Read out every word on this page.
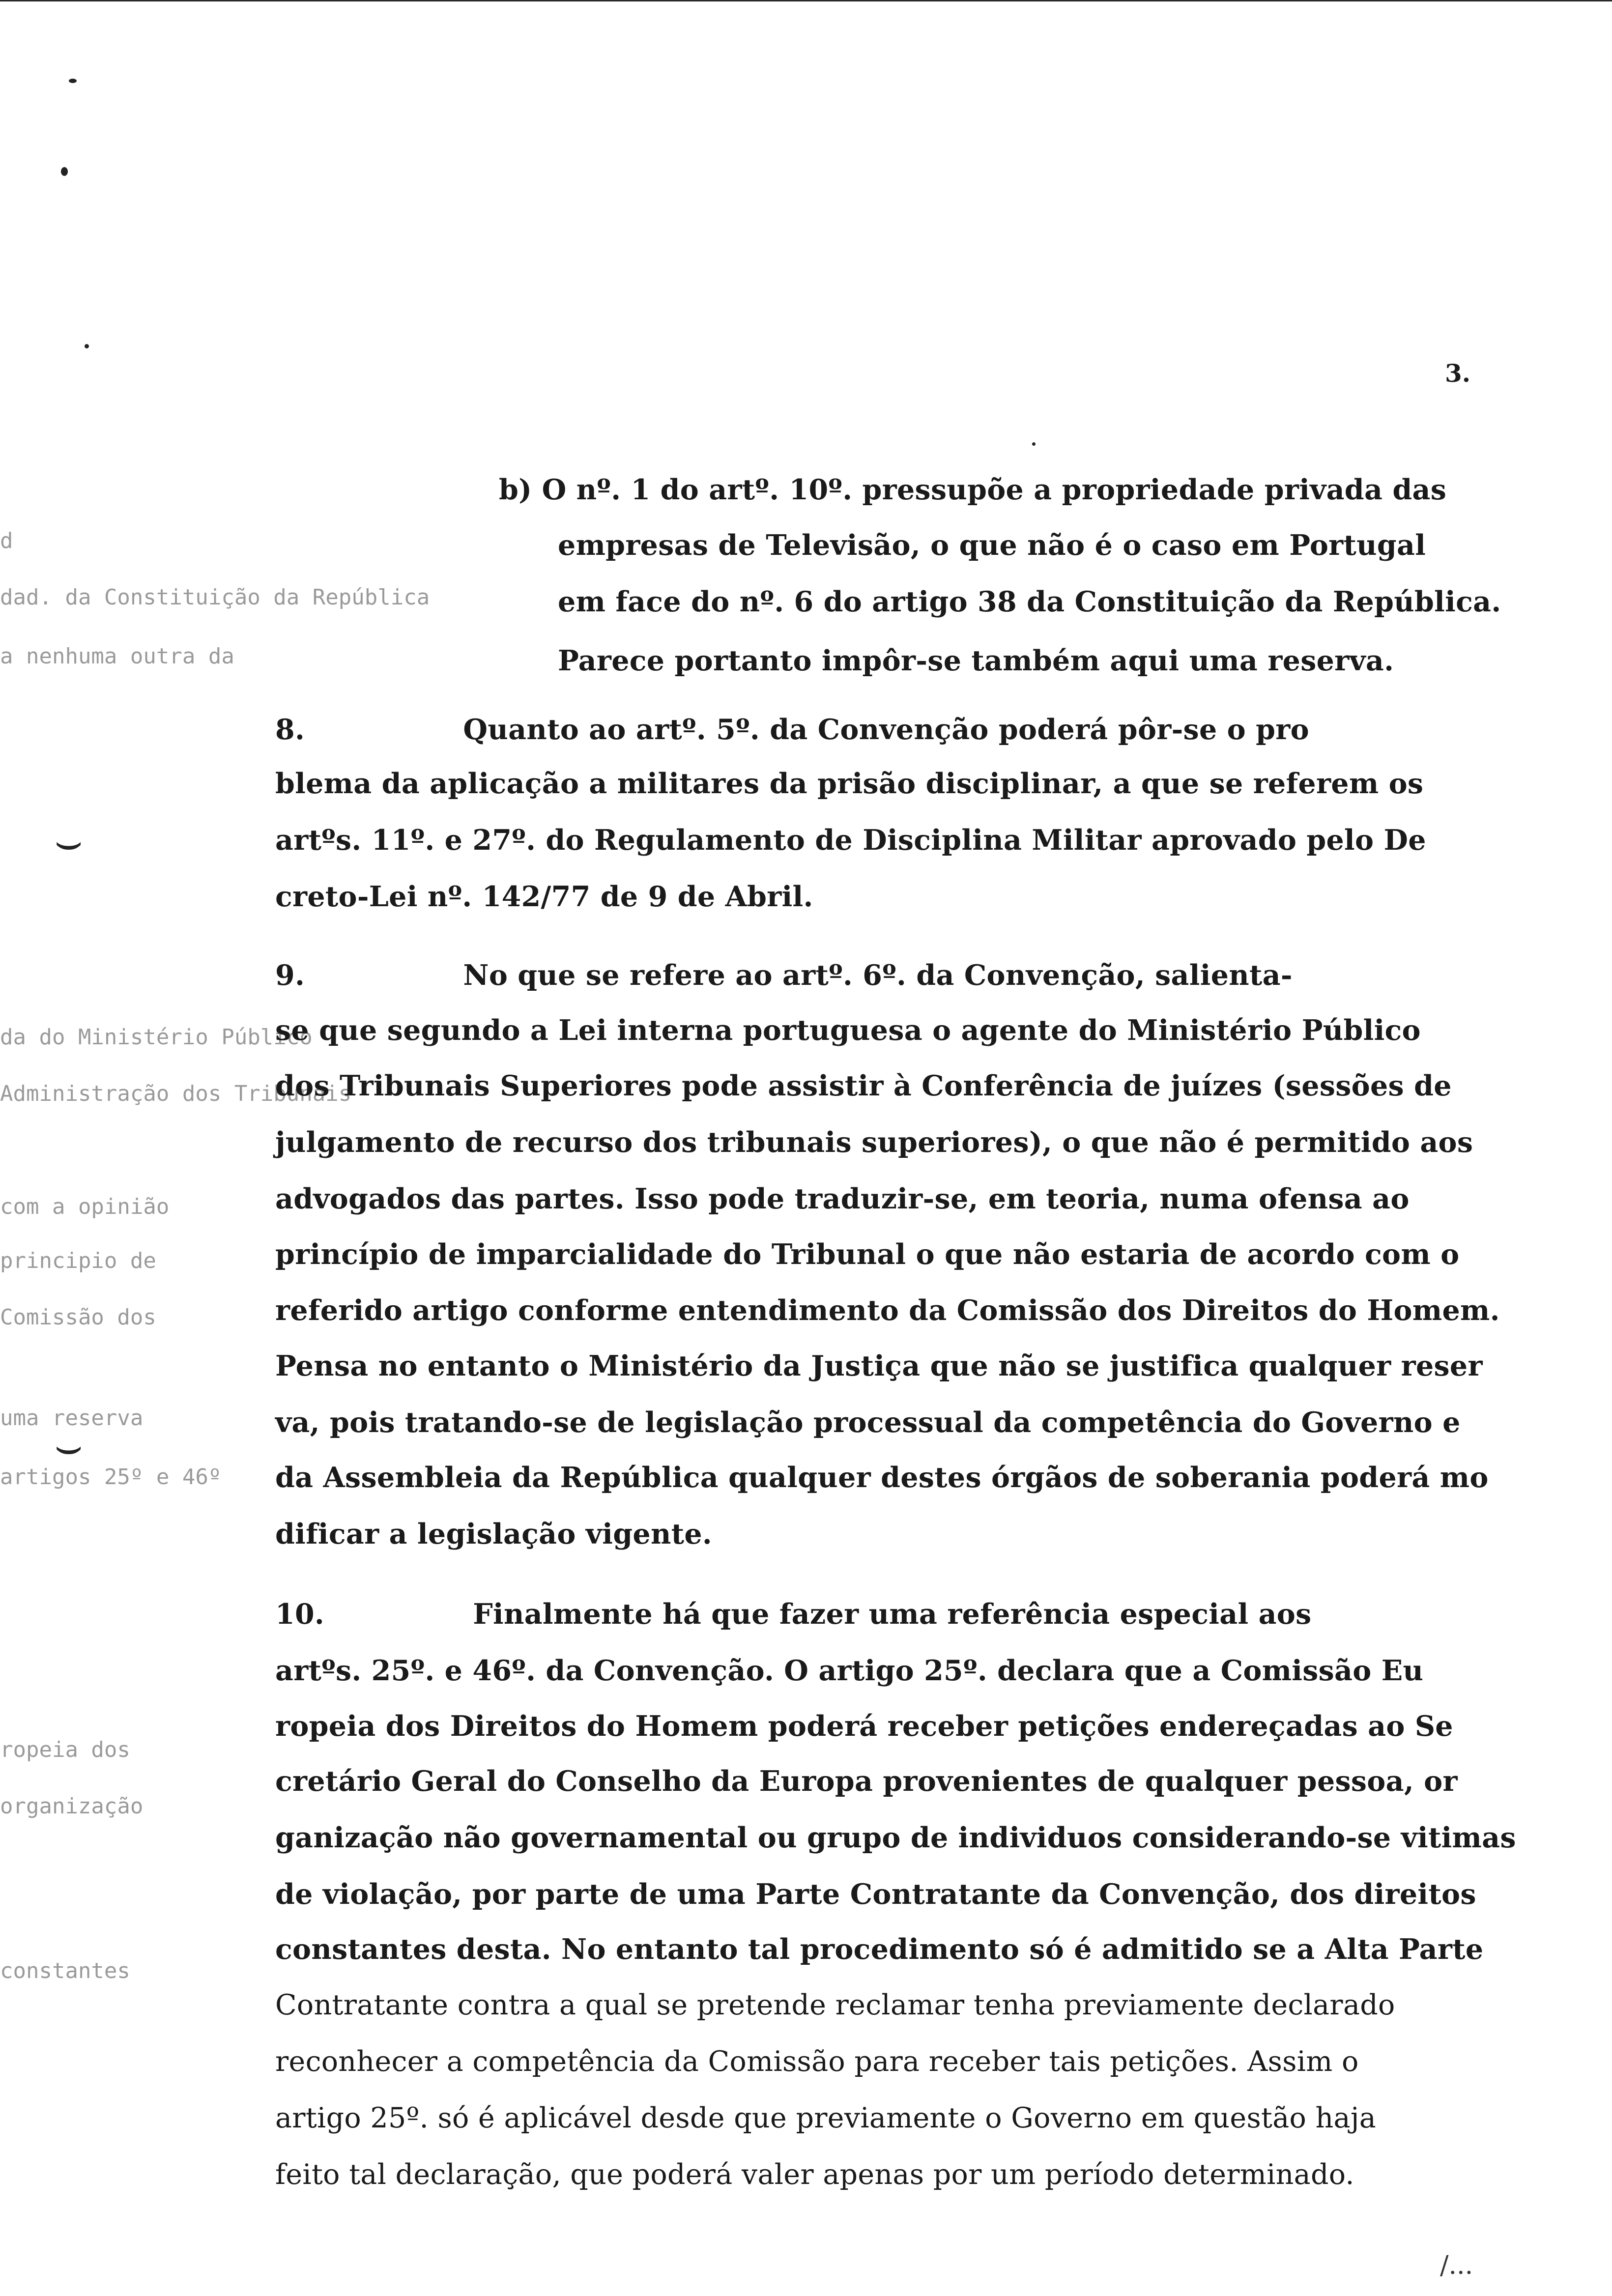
3.
d
dad. da Constituição da República
a nenhuma outra da
da do Ministério Público
Administração dos Tribunais
com a opinião
principio de
Comissão dos
uma reserva
artigos 25º e 46º
ropeia dos
organização
constantes
⌣
⌣
b) O nº. 1 do artº. 10º. pressupõe a propriedade privada das
empresas de Televisão, o que não é o caso em Portugal
em face do nº. 6 do artigo 38 da Constituição da República.
Parece portanto impôr-se também aqui uma reserva.
8.                Quanto ao artº. 5º. da Convenção poderá pôr-se o pro
blema da aplicação a militares da prisão disciplinar, a que se referem os
artºs. 11º. e 27º. do Regulamento de Disciplina Militar aprovado pelo De
creto-Lei nº. 142/77 de 9 de Abril.
9.                No que se refere ao artº. 6º. da Convenção, salienta-
se que segundo a Lei interna portuguesa o agente do Ministério Público
dos Tribunais Superiores pode assistir à Conferência de juízes (sessões de
julgamento de recurso dos tribunais superiores), o que não é permitido aos
advogados das partes. Isso pode traduzir-se, em teoria, numa ofensa ao
princípio de imparcialidade do Tribunal o que não estaria de acordo com o
referido artigo conforme entendimento da Comissão dos Direitos do Homem.
Pensa no entanto o Ministério da Justiça que não se justifica qualquer reser
va, pois tratando-se de legislação processual da competência do Governo e
da Assembleia da República qualquer destes órgãos de soberania poderá mo
dificar a legislação vigente.
10.               Finalmente há que fazer uma referência especial aos
artºs. 25º. e 46º. da Convenção. O artigo 25º. declara que a Comissão Eu
ropeia dos Direitos do Homem poderá receber petições endereçadas ao Se
cretário Geral do Conselho da Europa provenientes de qualquer pessoa, or
ganização não governamental ou grupo de individuos considerando-se vitimas
de violação, por parte de uma Parte Contratante da Convenção, dos direitos
constantes desta. No entanto tal procedimento só é admitido se a Alta Parte
Contratante contra a qual se pretende reclamar tenha previamente declarado
reconhecer a competência da Comissão para receber tais petições. Assim o
artigo 25º. só é aplicável desde que previamente o Governo em questão haja
feito tal declaração, que poderá valer apenas por um período determinado.
/...
